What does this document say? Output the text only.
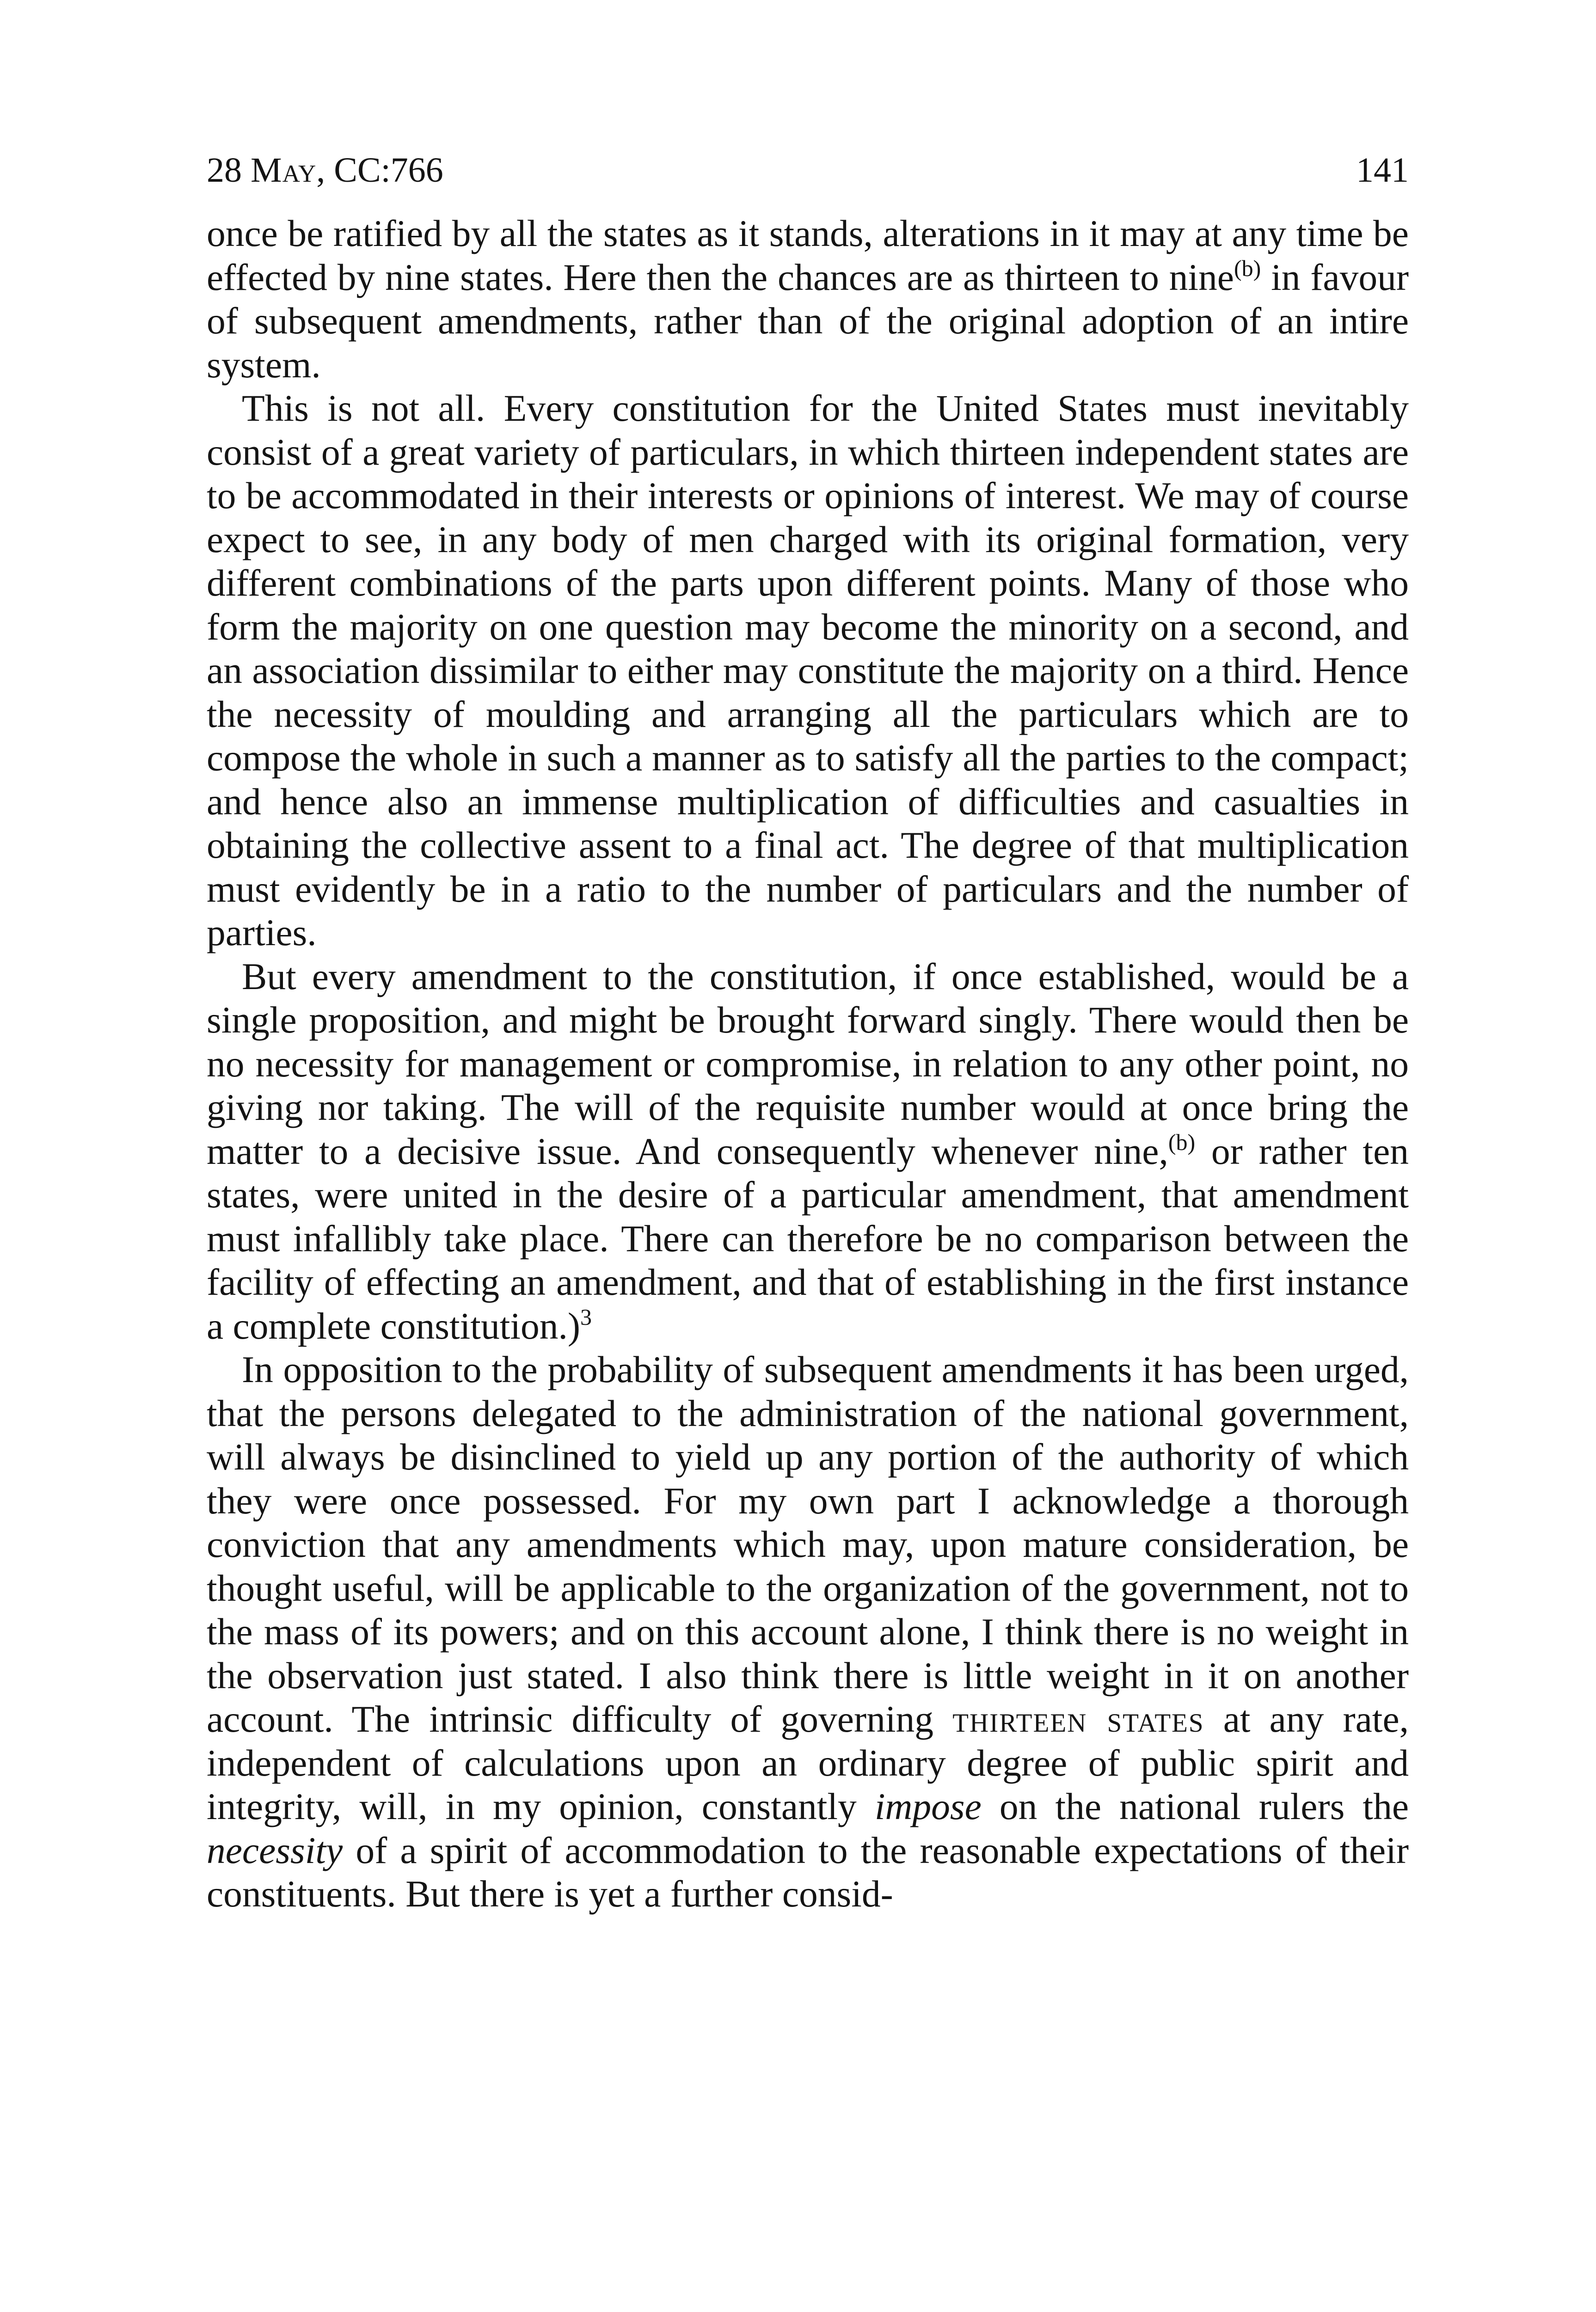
28 May, CC:766	141

once be ratified by all the states as it stands, alterations in it may at any time be effected by nine states. Here then the chances are as thirteen to nine$^{(b)}$ in favour of subsequent amendments, rather than of the original adoption of an intire system.

This is not all. Every constitution for the United States must inevitably consist of a great variety of particulars, in which thirteen independent states are to be accommodated in their interests or opinions of interest. We may of course expect to see, in any body of men charged with its original formation, very different combinations of the parts upon different points. Many of those who form the majority on one question may become the minority on a second, and an association dissimilar to either may constitute the majority on a third. Hence the necessity of moulding and arranging all the particulars which are to compose the whole in such a manner as to satisfy all the parties to the compact; and hence also an immense multiplication of difficulties and casualties in obtaining the collective assent to a final act. The degree of that multiplication must evidently be in a ratio to the number of particulars and the number of parties.

But every amendment to the constitution, if once established, would be a single proposition, and might be brought forward singly. There would then be no necessity for management or compromise, in relation to any other point, no giving nor taking. The will of the requisite number would at once bring the matter to a decisive issue. And consequently whenever nine,$^{(b)}$ or rather ten states, were united in the desire of a particular amendment, that amendment must infallibly take place. There can therefore be no comparison between the facility of effecting an amendment, and that of establishing in the first instance a complete constitution.)$^3$

In opposition to the probability of subsequent amendments it has been urged, that the persons delegated to the administration of the national government, will always be disinclined to yield up any portion of the authority of which they were once possessed. For my own part I acknowledge a thorough conviction that any amendments which may, upon mature consideration, be thought useful, will be applicable to the organization of the government, not to the mass of its powers; and on this account alone, I think there is no weight in the observation just stated. I also think there is little weight in it on another account. The intrinsic difficulty of governing thirteen states at any rate, independent of calculations upon an ordinary degree of public spirit and integrity, will, in my opinion, constantly impose on the national rulers the necessity of a spirit of accommodation to the reasonable expectations of their constituents. But there is yet a further consid-
